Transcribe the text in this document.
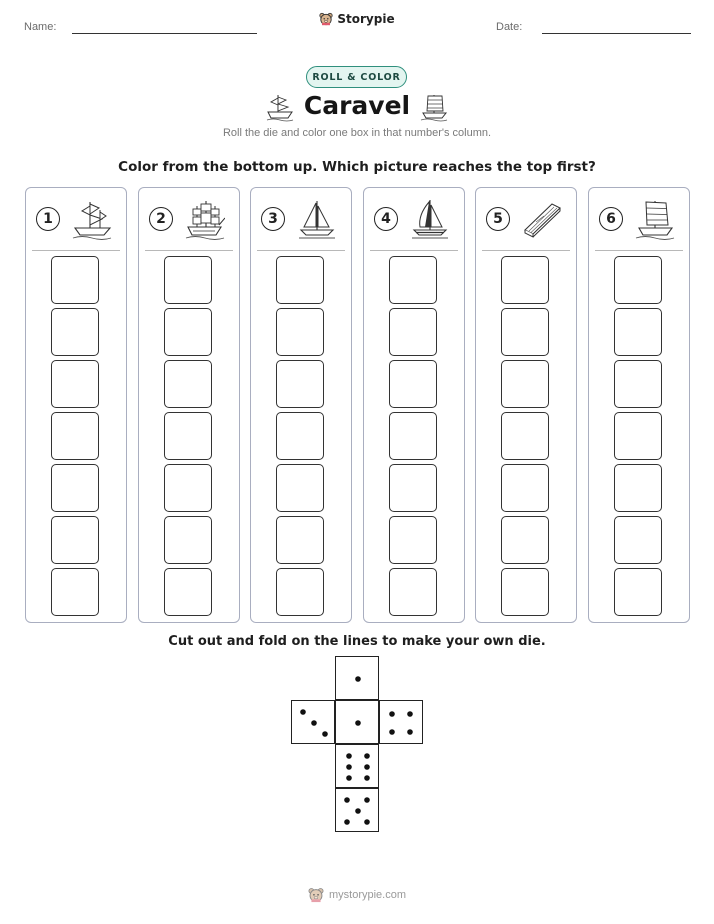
Name:
Storypie
Date:
ROLL & COLOR
Caravel
Roll the die and color one box in that number's column.
Color from the bottom up. Which picture reaches the top first?
1	2	3	4	5	6
Cut out and fold on the lines to make your own die.
mystorypie.com
